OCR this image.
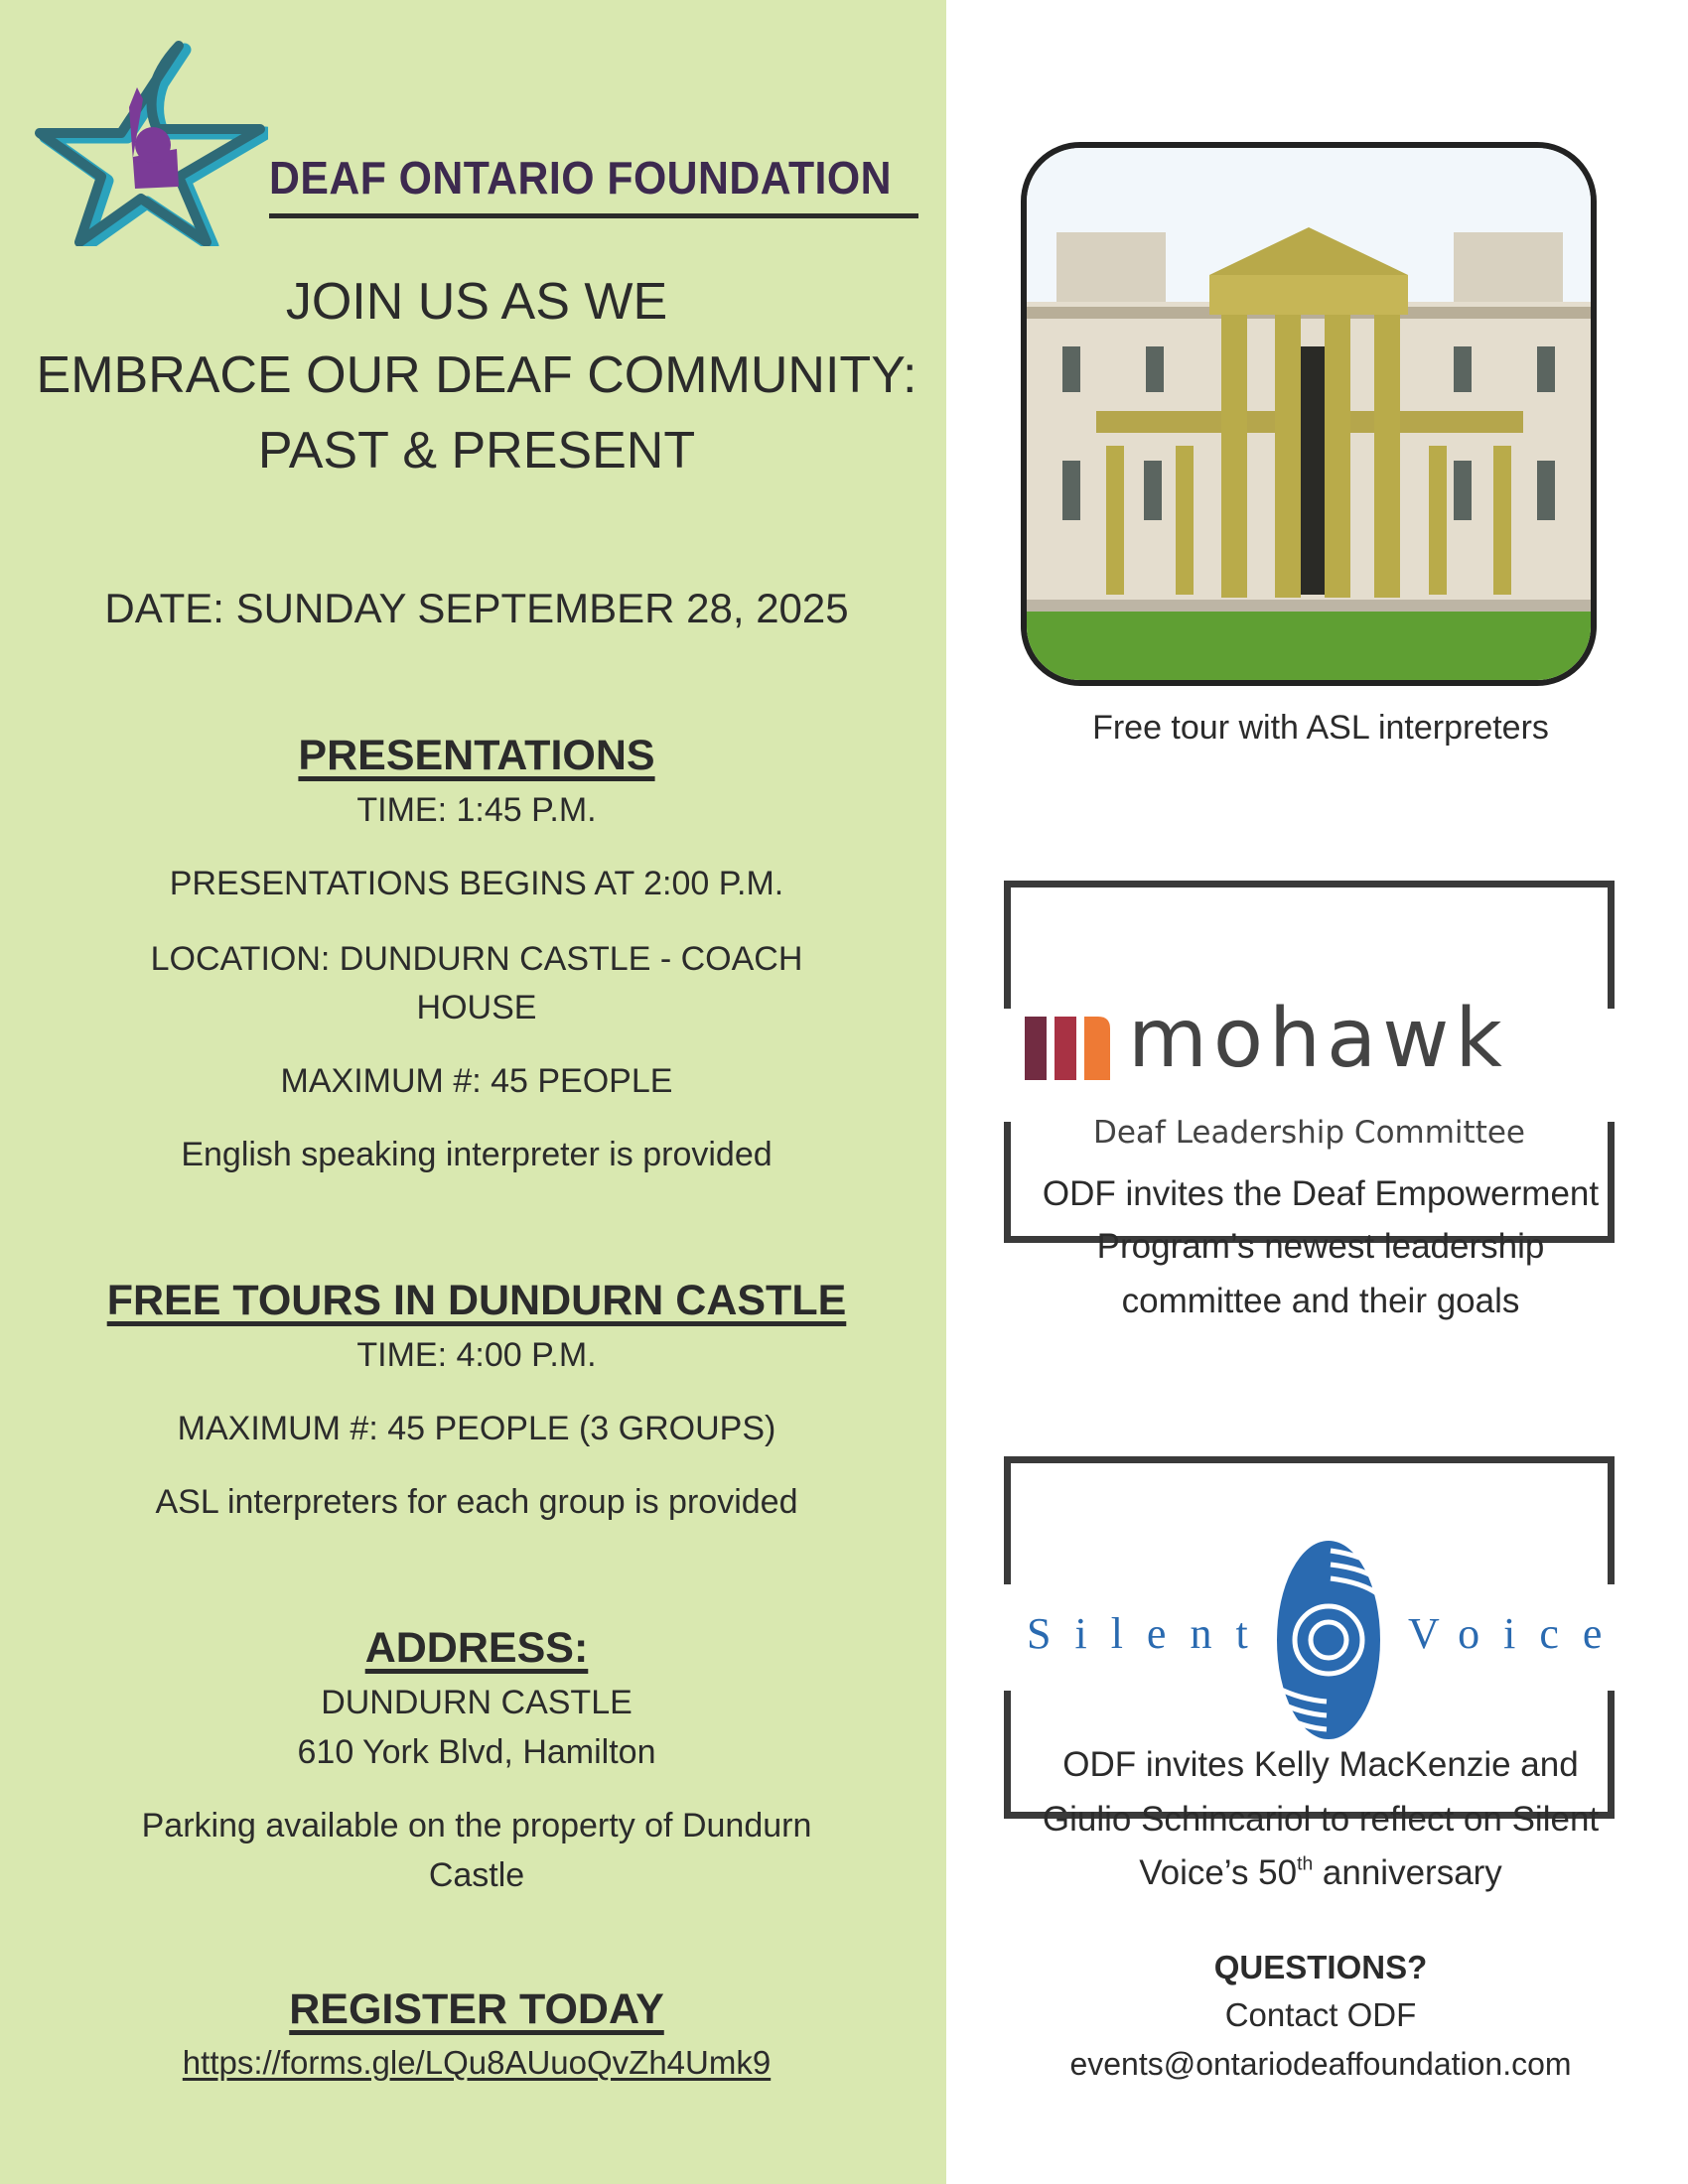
DEAF ONTARIO FOUNDATION
JOIN US AS WE
EMBRACE OUR DEAF COMMUNITY:
PAST & PRESENT
DATE: SUNDAY SEPTEMBER 28, 2025
PRESENTATIONS
TIME: 1:45 P.M.
PRESENTATIONS BEGINS AT 2:00 P.M.
LOCATION: DUNDURN CASTLE - COACH
HOUSE
MAXIMUM #: 45 PEOPLE
English speaking interpreter is provided
FREE TOURS IN DUNDURN CASTLE
TIME: 4:00 P.M.
MAXIMUM #: 45 PEOPLE (3 GROUPS)
ASL interpreters for each group is provided
ADDRESS:
DUNDURN CASTLE
610 York Blvd, Hamilton
Parking available on the property of Dundurn
Castle
REGISTER TODAY
https://forms.gle/LQu8AUuoQvZh4Umk9
Free tour with ASL interpreters
mohawk
Deaf Leadership Committee
ODF invites the Deaf Empowerment
Program’s newest leadership
committee and their goals
Silent	Voice
ODF invites Kelly MacKenzie and
Giulio Schincariol to reflect on Silent
Voice’s 50th anniversary
QUESTIONS?
Contact ODF
events@ontariodeaffoundation.com
